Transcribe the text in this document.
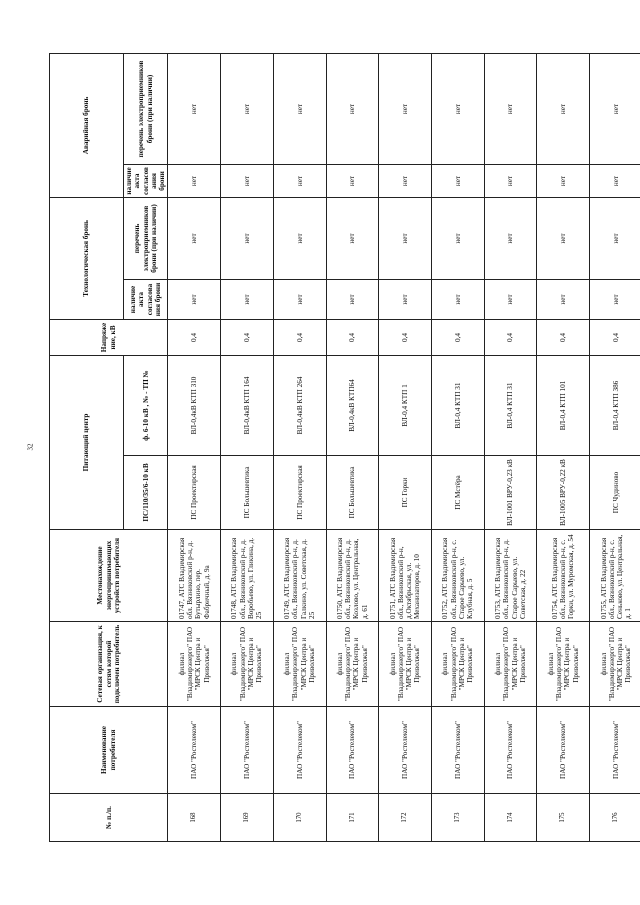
32
№ п./п.	Наименование потребителя	Сетевая организация, к сетям которой подключен потребитель	Местонахождение энергопринимающих устройств потребителя	Питающий центр		Напряжение, кВ	Технологическая бронь		Аварийная бронь	
				ПС/110/35/6-10 кВ	ф. 6-10 кВ , № - ТП №		наличие акта согласования брони	перечень электроприемников брони (при наличии)	наличие акта согласования брони	перечень электроприемников брони (при наличии)
168	ПАО "Ростелеком"	филиал "Владимирэнерго" ПАО "МРСК Центра и Приволжья"	01747, АТС Владимирская обл. Вязниковский р-н, д. Бутырлино, пер. Фабричный, д. 9а	ПС Проектирская	ВЛ-0,4кВ КТП 310	0,4	нет	нет	нет	нет
169	ПАО "Ростелеком"	филиал "Владимирэнерго" ПАО "МРСК Центра и Приволжья"	01748, АТС Владимирская обл., Вязниковский р-н, д. Воробьево, ул. Гликина, д. 25	ПС Большевтика	ВЛ-0,4кВ КТП 164	0,4	нет	нет	нет	нет
170	ПАО "Ростелеком"	филиал "Владимирэнерго" ПАО "МРСК Центра и Приволжья"	01749, АТС Владимирская обл., Вязниковский р-н, д. Галкино, ул. Советская, д. 25	ПС Проектирская	ВЛ-0,4кВ КТП 264	0,4	нет	нет	нет	нет
171	ПАО "Ростелеком"	филиал "Владимирэнерго" ПАО "МРСК Центра и Приволжья"	01750, АТС Владимирская обл., Вязниковский р-н, д. Козлово, ул. Центральная, д. 61	ПС Большевтика	ВЛ-0,4кВ КТП64	0,4	нет	нет	нет	нет
172	ПАО "Ростелеком"	филиал "Владимирэнерго" ПАО "МРСК Центра и Приволжья"	01751, АТС Владимирская обл., Вязниковский р-н, д.Октябрьская, ул. Механизаторов, д. 10	ПС Горки	ВЛ-0,4 КТП 1	0,4	нет	нет	нет	нет
173	ПАО "Ростелеком"	филиал "Владимирэнерго" ПАО "МРСК Центра и Приволжья"	01752, АТС Владимирская обл., Вязниковский р-н, с. Старое Сарыево, ул. Клубная, д. 5	ПС Мстёра	ВЛ-0,4 КТП 31	0,4	нет	нет	нет	нет
174	ПАО "Ростелеком"	филиал "Владимирэнерго" ПАО "МРСК Центра и Приволжья"	01753, АТС Владимирская обл., Вязниковский р-н, д. Старое Сарыево, ул. Советская, д. 22	ВЛ-1001 ВРУ-0,23 кВ	ВЛ-0,4 КТП 31	0,4	нет	нет	нет	нет
175	ПАО "Ростелеком"	филиал "Владимирэнерго" ПАО "МРСК Центра и Приволжья"	01754, АТС Владимирская обл., Вязниковский р-н, с. Горки, ул. Муромская, д. 54	ВЛ-1005 ВРУ-0,22 кВ	ВЛ-0,4 КТП 101	0,4	нет	нет	нет	нет
176	ПАО "Ростелеком"	филиал "Владимирэнерго" ПАО "МРСК Центра и Приволжья"	01755, АТС Владимирская обл., Вязниковский р-н, с. Сеньково, ул. Центральная, д. 1	ПС Чудиново	ВЛ-0,4 КТП 386	0,4	нет	нет	нет	нет
